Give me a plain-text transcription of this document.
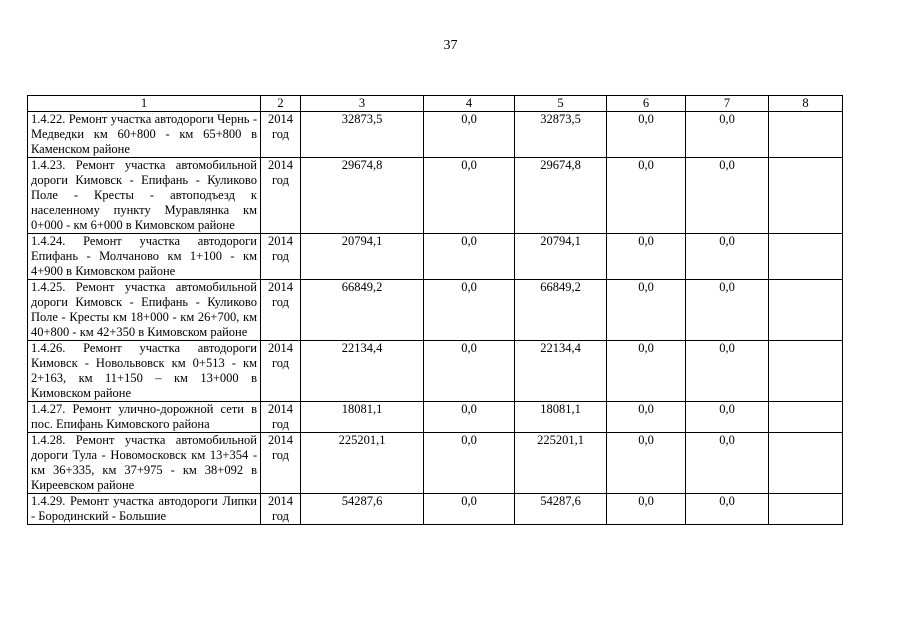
37
1	2	3	4	5	6	7	8
1.4.22. Ремонт участка автодороги Чернь - Медведки км 60+800 - км 65+800 в Каменском районе	2014 год	32873,5	0,0	32873,5	0,0	0,0	
1.4.23. Ремонт участка автомобильной дороги Кимовск - Епифань - Куликово Поле - Кресты - автоподъезд к населенному пункту Муравлянка км 0+000 - км 6+000 в Кимовском районе	2014 год	29674,8	0,0	29674,8	0,0	0,0	
1.4.24. Ремонт участка автодороги Епифань - Молчаново км 1+100 - км 4+900 в Кимовском районе	2014 год	20794,1	0,0	20794,1	0,0	0,0	
1.4.25. Ремонт участка автомобильной дороги Кимовск - Епифань - Куликово Поле - Кресты км 18+000 - км 26+700, км 40+800 - км 42+350 в Кимовском районе	2014 год	66849,2	0,0	66849,2	0,0	0,0	
1.4.26. Ремонт участка автодороги Кимовск - Новольвовск км 0+513 - км 2+163, км 11+150 – км 13+000 в Кимовском районе	2014 год	22134,4	0,0	22134,4	0,0	0,0	
1.4.27. Ремонт улично-дорожной сети в пос. Епифань Кимовского района	2014 год	18081,1	0,0	18081,1	0,0	0,0	
1.4.28. Ремонт участка автомобильной дороги Тула - Новомосковск км 13+354 - км 36+335, км 37+975 - км 38+092 в Киреевском районе	2014 год	225201,1	0,0	225201,1	0,0	0,0	
1.4.29. Ремонт участка автодороги Липки - Бородинский - Большие	2014 год	54287,6	0,0	54287,6	0,0	0,0	
